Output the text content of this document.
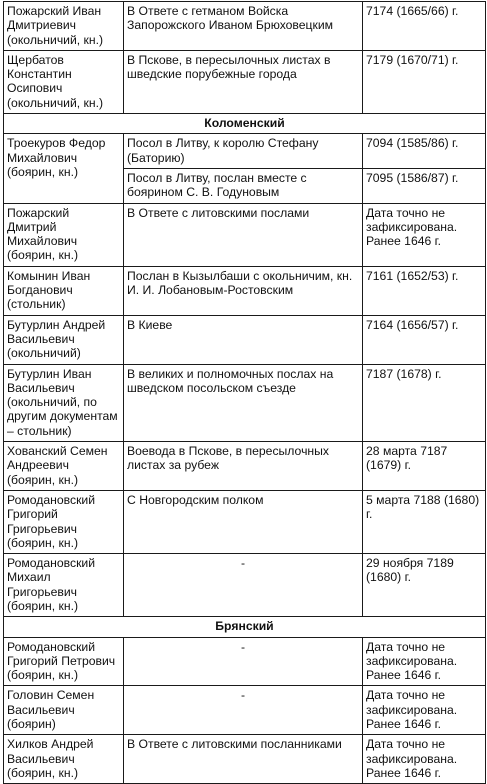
Пожарский Иван Дмитриевич (окольничий, кн.)	В Ответе с гетманом Войска Запорожского Иваном Брюховецким	7174 (1665/66) г.
Щербатов Константин Осипович (окольничий, кн.)	В Пскове, в пересылочных листах в шведские порубежные города	7179 (1670/71) г.
Коломенский		
Троекуров Федор Михайлович (боярин, кн.)	Посол в Литву, к королю Стефану (Баторию)	7094 (1585/86) г.
	Посол в Литву, послан вместе с боярином С. В. Годуновым	7095 (1586/87) г.
Пожарский Дмитрий Михайлович (боярин, кн.)	В Ответе с литовскими послами	Дата точно не зафиксирована. Ранее 1646 г.
Комынин Иван Богданович (стольник)	Послан в Кызылбаши с окольничим, кн. И. И. Лобановым-Ростовским	7161 (1652/53) г.
Бутурлин Андрей Васильевич (окольничий)	В Киеве	7164 (1656/57) г.
Бутурлин Иван Васильевич (окольничий, по другим документам – стольник)	В великих и полномочных послах на шведском посольском съезде	7187 (1678) г.
Хованский Семен Андреевич (боярин, кн.)	Воевода в Пскове, в пересылочных листах за рубеж	28 марта 7187 (1679) г.
Ромодановский Григорий Григорьевич (боярин, кн.)	С Новгородским полком	5 марта 7188 (1680) г.
Ромодановский Михаил Григорьевич (боярин, кн.)	-	29 ноября 7189 (1680) г.
Брянский		
Ромодановский Григорий Петрович (боярин, кн.)	-	Дата точно не зафиксирована. Ранее 1646 г.
Головин Семен Васильевич (боярин)	-	Дата точно не зафиксирована. Ранее 1646 г.
Хилков Андрей Васильевич (боярин, кн.)	В Ответе с литовскими посланниками	Дата точно не зафиксирована. Ранее 1646 г.
